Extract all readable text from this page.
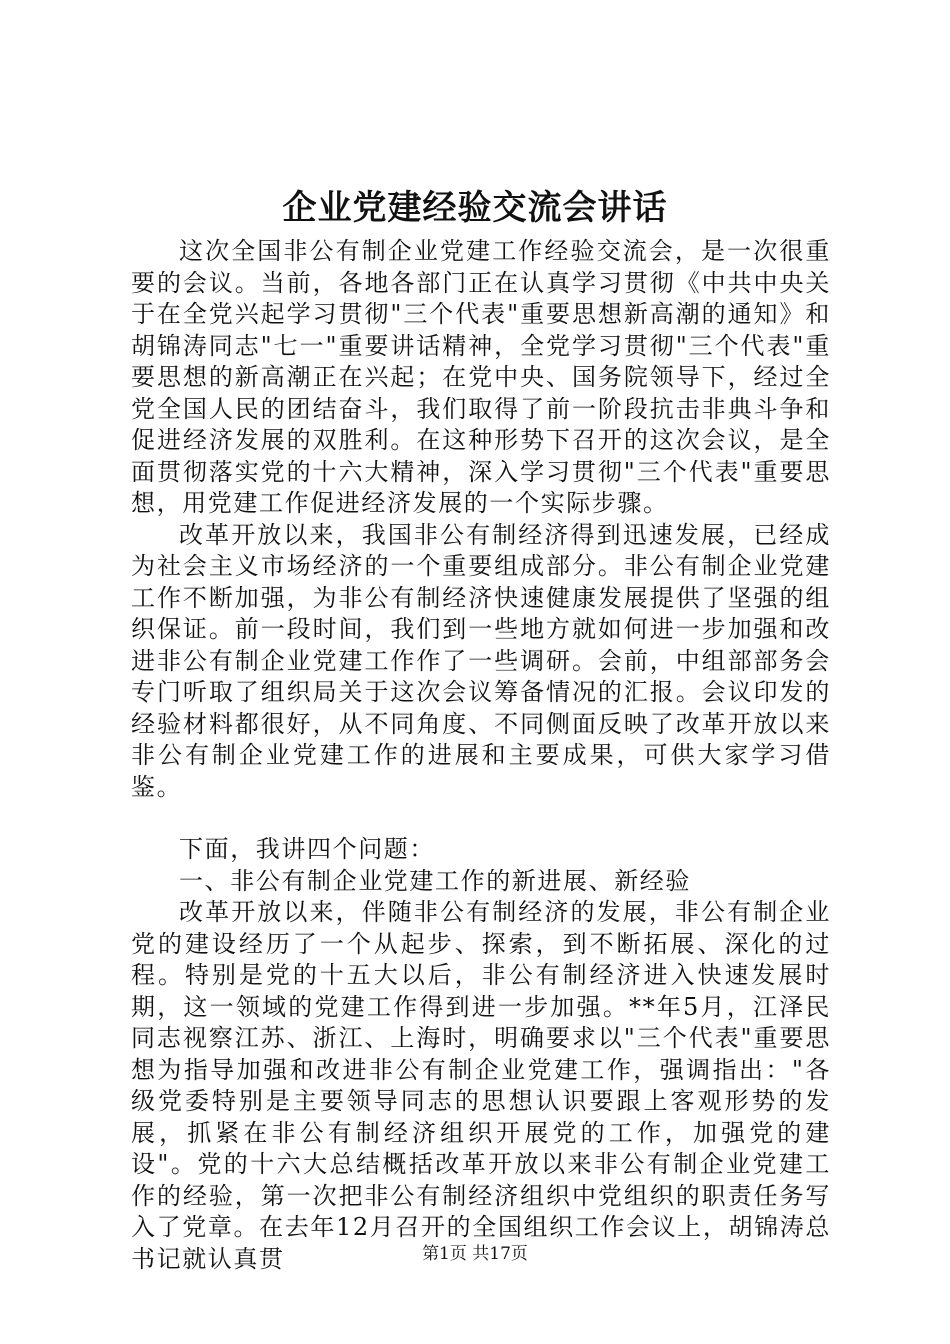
企业党建经验交流会讲话

这次全国非公有制企业党建工作经验交流会，是一次很重要的会议。当前，各地各部门正在认真学习贯彻《中共中央关于在全党兴起学习贯彻"三个代表"重要思想新高潮的通知》和胡锦涛同志"七一"重要讲话精神，全党学习贯彻"三个代表"重要思想的新高潮正在兴起；在党中央、国务院领导下，经过全党全国人民的团结奋斗，我们取得了前一阶段抗击非典斗争和促进经济发展的双胜利。在这种形势下召开的这次会议，是全面贯彻落实党的十六大精神，深入学习贯彻"三个代表"重要思想，用党建工作促进经济发展的一个实际步骤。

改革开放以来，我国非公有制经济得到迅速发展，已经成为社会主义市场经济的一个重要组成部分。非公有制企业党建工作不断加强，为非公有制经济快速健康发展提供了坚强的组织保证。前一段时间，我们到一些地方就如何进一步加强和改进非公有制企业党建工作作了一些调研。会前，中组部部务会专门听取了组织局关于这次会议筹备情况的汇报。会议印发的经验材料都很好，从不同角度、不同侧面反映了改革开放以来非公有制企业党建工作的进展和主要成果，可供大家学习借鉴。

下面，我讲四个问题：

一、非公有制企业党建工作的新进展、新经验

改革开放以来，伴随非公有制经济的发展，非公有制企业党的建设经历了一个从起步、探索，到不断拓展、深化的过程。特别是党的十五大以后，非公有制经济进入快速发展时期，这一领域的党建工作得到进一步加强。**年5月，江泽民同志视察江苏、浙江、上海时，明确要求以"三个代表"重要思想为指导加强和改进非公有制企业党建工作，强调指出："各级党委特别是主要领导同志的思想认识要跟上客观形势的发展，抓紧在非公有制经济组织开展党的工作，加强党的建设"。党的十六大总结概括改革开放以来非公有制企业党建工作的经验，第一次把非公有制经济组织中党组织的职责任务写入了党章。在去年12月召开的全国组织工作会议上，胡锦涛总书记就认真贯	第1页 共17页
